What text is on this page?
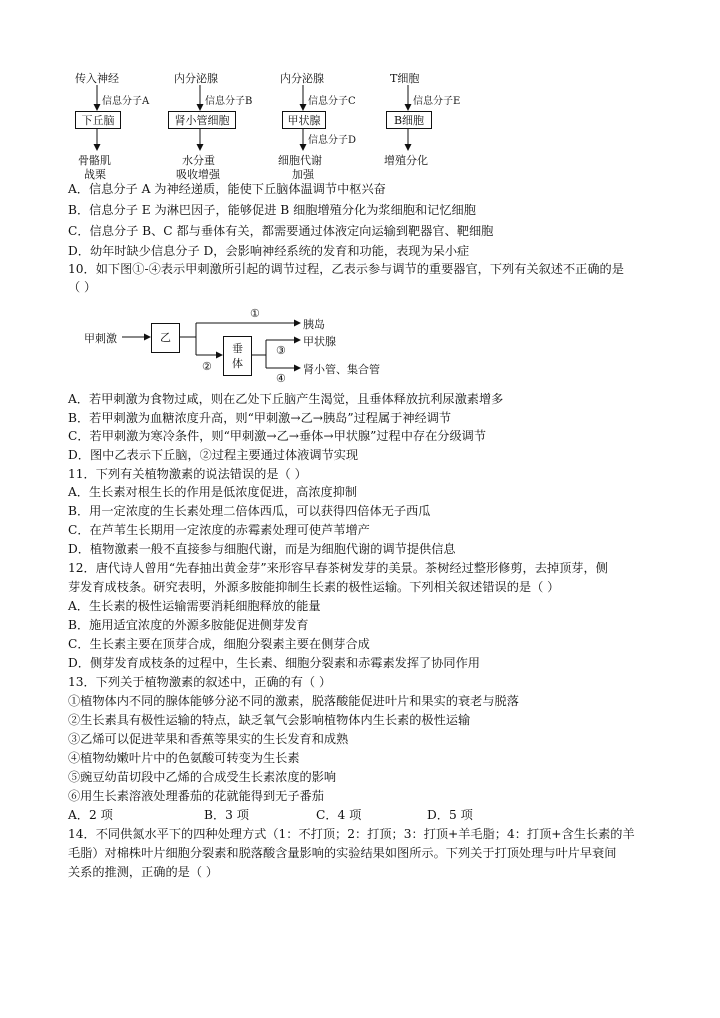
传入神经
信息分子A
下丘脑
骨骼肌
战栗
内分泌腺
信息分子B
肾小管细胞
水分重
吸收增强
内分泌腺
信息分子C
甲状腺
信息分子D
细胞代谢
加强
T细胞
信息分子E
B细胞
增殖分化
A．信息分子 A 为神经递质，能使下丘脑体温调节中枢兴奋
B．信息分子 E 为淋巴因子，能够促进 B 细胞增殖分化为浆细胞和记忆细胞
C．信息分子 B、C 都与垂体有关，都需要通过体液定向运输到靶器官、靶细胞
D．幼年时缺少信息分子 D，会影响神经系统的发育和功能，表现为呆小症
10．如下图①-④表示甲刺激所引起的调节过程，乙表示参与调节的重要器官，下列有关叙述不正确的是
（ ）
甲刺激	乙
垂
体
①
②
③
④
胰岛
甲状腺
肾小管、集合管
A．若甲刺激为食物过咸，则在乙处下丘脑产生渴觉，且垂体释放抗利尿激素增多
B．若甲刺激为血糖浓度升高，则“甲刺激→乙→胰岛”过程属于神经调节
C．若甲刺激为寒冷条件，则“甲刺激→乙→垂体→甲状腺”过程中存在分级调节
D．图中乙表示下丘脑，②过程主要通过体液调节实现
11．下列有关植物激素的说法错误的是（ ）
A．生长素对根生长的作用是低浓度促进，高浓度抑制
B．用一定浓度的生长素处理二倍体西瓜，可以获得四倍体无子西瓜
C．在芦苇生长期用一定浓度的赤霉素处理可使芦苇增产
D．植物激素一般不直接参与细胞代谢，而是为细胞代谢的调节提供信息
12．唐代诗人曾用“先春抽出黄金芽”来形容早春茶树发芽的美景。茶树经过整形修剪，去掉顶芽，侧
芽发育成枝条。研究表明，外源多胺能抑制生长素的极性运输。下列相关叙述错误的是（ ）
A．生长素的极性运输需要消耗细胞释放的能量
B．施用适宜浓度的外源多胺能促进侧芽发育
C．生长素主要在顶芽合成，细胞分裂素主要在侧芽合成
D．侧芽发育成枝条的过程中，生长素、细胞分裂素和赤霉素发挥了协同作用
13．下列关于植物激素的叙述中，正确的有（ ）
①植物体内不同的腺体能够分泌不同的激素，脱落酸能促进叶片和果实的衰老与脱落
②生长素具有极性运输的特点，缺乏氧气会影响植物体内生长素的极性运输
③乙烯可以促进苹果和香蕉等果实的生长发育和成熟
④植物幼嫩叶片中的色氨酸可转变为生长素
⑤豌豆幼苗切段中乙烯的合成受生长素浓度的影响
⑥用生长素溶液处理番茄的花就能得到无子番茄
A．2 项	B．3 项	C．4 项	D．5 项
14．不同供氮水平下的四种处理方式（1：不打顶；2：打顶；3：打顶+羊毛脂；4：打顶+含生长素的羊
毛脂）对棉株叶片细胞分裂素和脱落酸含量影响的实验结果如图所示。下列关于打顶处理与叶片早衰间
关系的推测，正确的是（ ）
